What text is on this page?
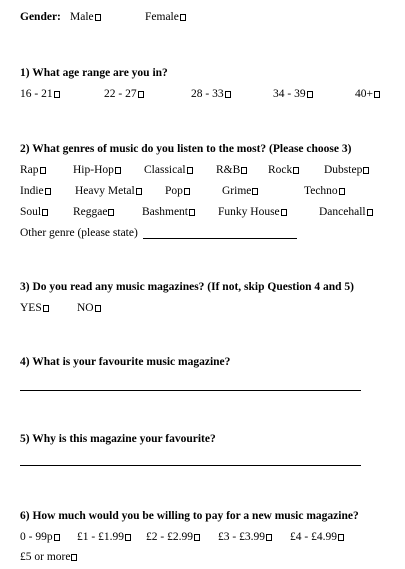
Gender: Male	Female
1) What age range are you in?
16 - 21	22 - 27	28 - 33	34 - 39	40+
2) What genres of music do you listen to the most? (Please choose 3)
Rap	Hip-Hop	Classical	R&B	Rock	Dubstep
Indie	Heavy Metal	Pop	Grime	Techno
Soul	Reggae	Bashment	Funky House	Dancehall
Other genre (please state)
3) Do you read any music magazines? (If not, skip Question 4 and 5)
YES	NO
4) What is your favourite music magazine?
5) Why is this magazine your favourite?
6) How much would you be willing to pay for a new music magazine?
0 - 99p	£1 - £1.99	£2 - £2.99	£3 - £3.99	£4 - £4.99
£5 or more
